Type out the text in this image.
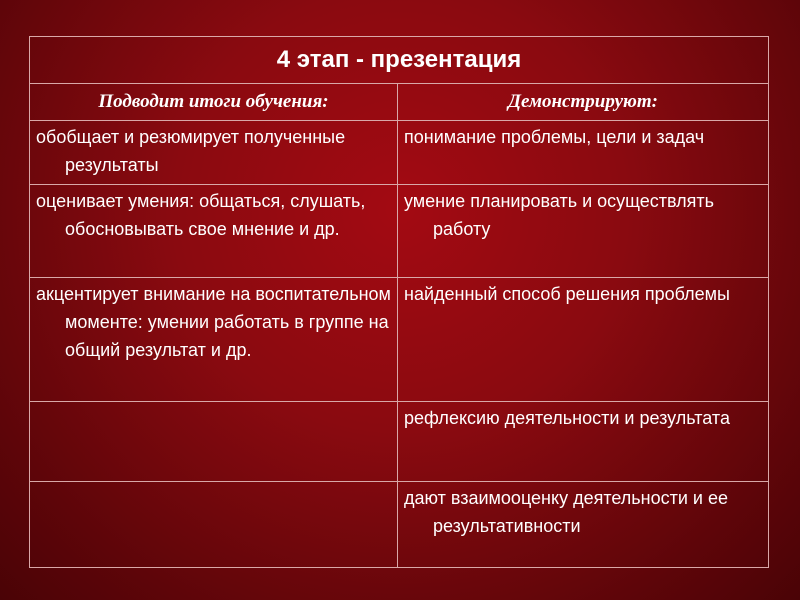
4 этап - презентация	
Подводит итоги обучения:	Демонстрируют:

обобщает и резюмирует полученные результаты	понимание проблемы, цели и задач

оценивает умения: общаться, слушать, обосновывать свое мнение и др.	умение планировать и осуществлять работу

акцентирует внимание на воспитательном моменте: умении работать в группе на общий результат и др.	найденный способ решения проблемы

	рефлексию деятельности и результата

	дают взаимооценку деятельности и ее результативности
